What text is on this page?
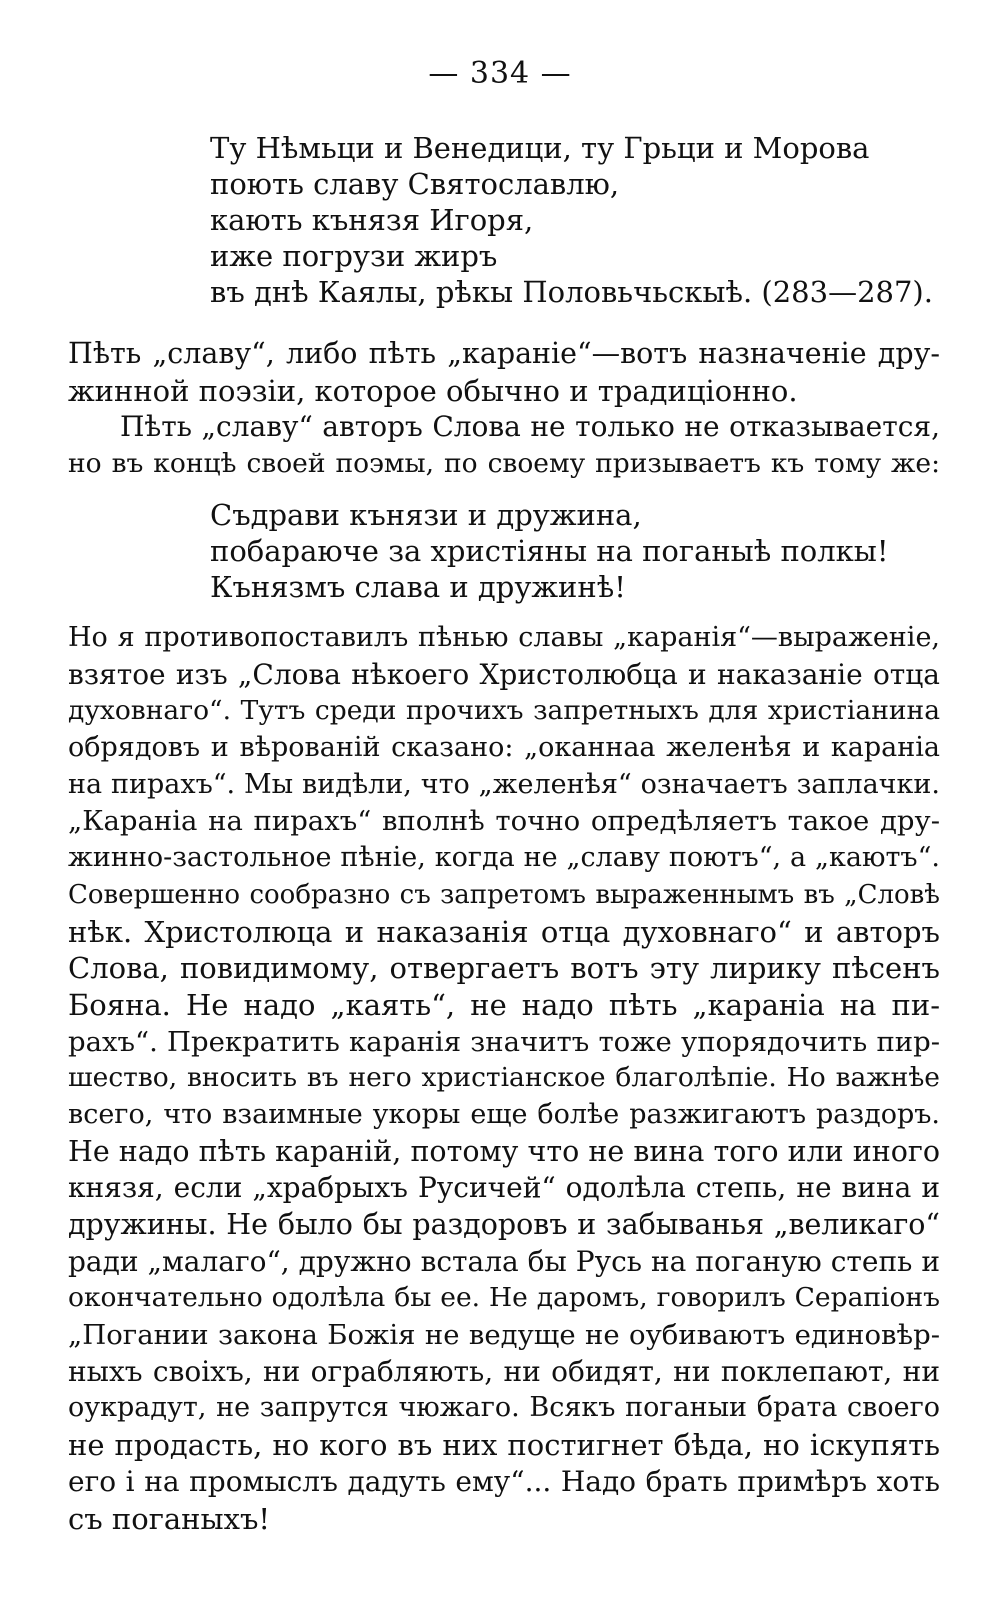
— 334 —
Ту Нѣмьци и Венедици, ту Грьци и Морова
поють славу Святославлю,
кають кънязя Игоря,
иже погрузи жиръ
въ днѣ Каялы, рѣкы Половьчьскыѣ. (283—287).
Пѣть „славу“, либо пѣть „караніе“—вотъ назначеніе дру-
жинной поэзіи, которое обычно и традиціонно.
Пѣть „славу“ авторъ Слова не только не отказывается,
но въ концѣ своей поэмы, по своему призываетъ къ тому же:
Съдрави кънязи и дружина,
побараюче за христіяны на поганыѣ полкы!
Кънязмъ слава и дружинѣ!
Но я противопоставилъ пѣнью славы „каранія“—выраженіе,
взятое изъ „Слова нѣкоего Христолюбца и наказаніе отца
духовнаго“. Тутъ среди прочихъ запретныхъ для христіанина
обрядовъ и вѣрованій сказано: „оканнаа желенѣя и караніа
на пирахъ“. Мы видѣли, что „желенѣя“ означаетъ заплачки.
„Караніа на пирахъ“ вполнѣ точно опредѣляетъ такое дру-
жинно-застольное пѣніе, когда не „славу поютъ“, а „каютъ“.
Совершенно сообразно съ запретомъ выраженнымъ въ „Словѣ
нѣк. Христолюца и наказанія отца духовнаго“ и авторъ
Слова, повидимому, отвергаетъ вотъ эту лирику пѣсенъ
Бояна. Не надо „каять“, не надо пѣть „караніа на пи-
рахъ“. Прекратить каранія значитъ тоже упорядочить пир-
шество, вносить въ него христіанское благолѣпіе. Но важнѣе
всего, что взаимные укоры еще болѣе разжигаютъ раздоръ.
Не надо пѣть караній, потому что не вина того или иного
князя, если „храбрыхъ Русичей“ одолѣла степь, не вина и
дружины. Не было бы раздоровъ и забыванья „великаго“
ради „малаго“, дружно встала бы Русь на поганую степь и
окончательно одолѣла бы ее. Не даромъ, говорилъ Серапіонъ
„Погании закона Божія не ведуще не оубиваютъ единовѣр-
ныхъ своіхъ, ни ограбляють, ни обидят, ни поклепают, ни
оукрадут, не запрутся чюжаго. Всякъ поганыи брата своего
не продасть, но кого въ них постигнет бѣда, но іскупять
его і на промыслъ дадуть ему“... Надо брать примѣръ хоть
съ поганыхъ!
